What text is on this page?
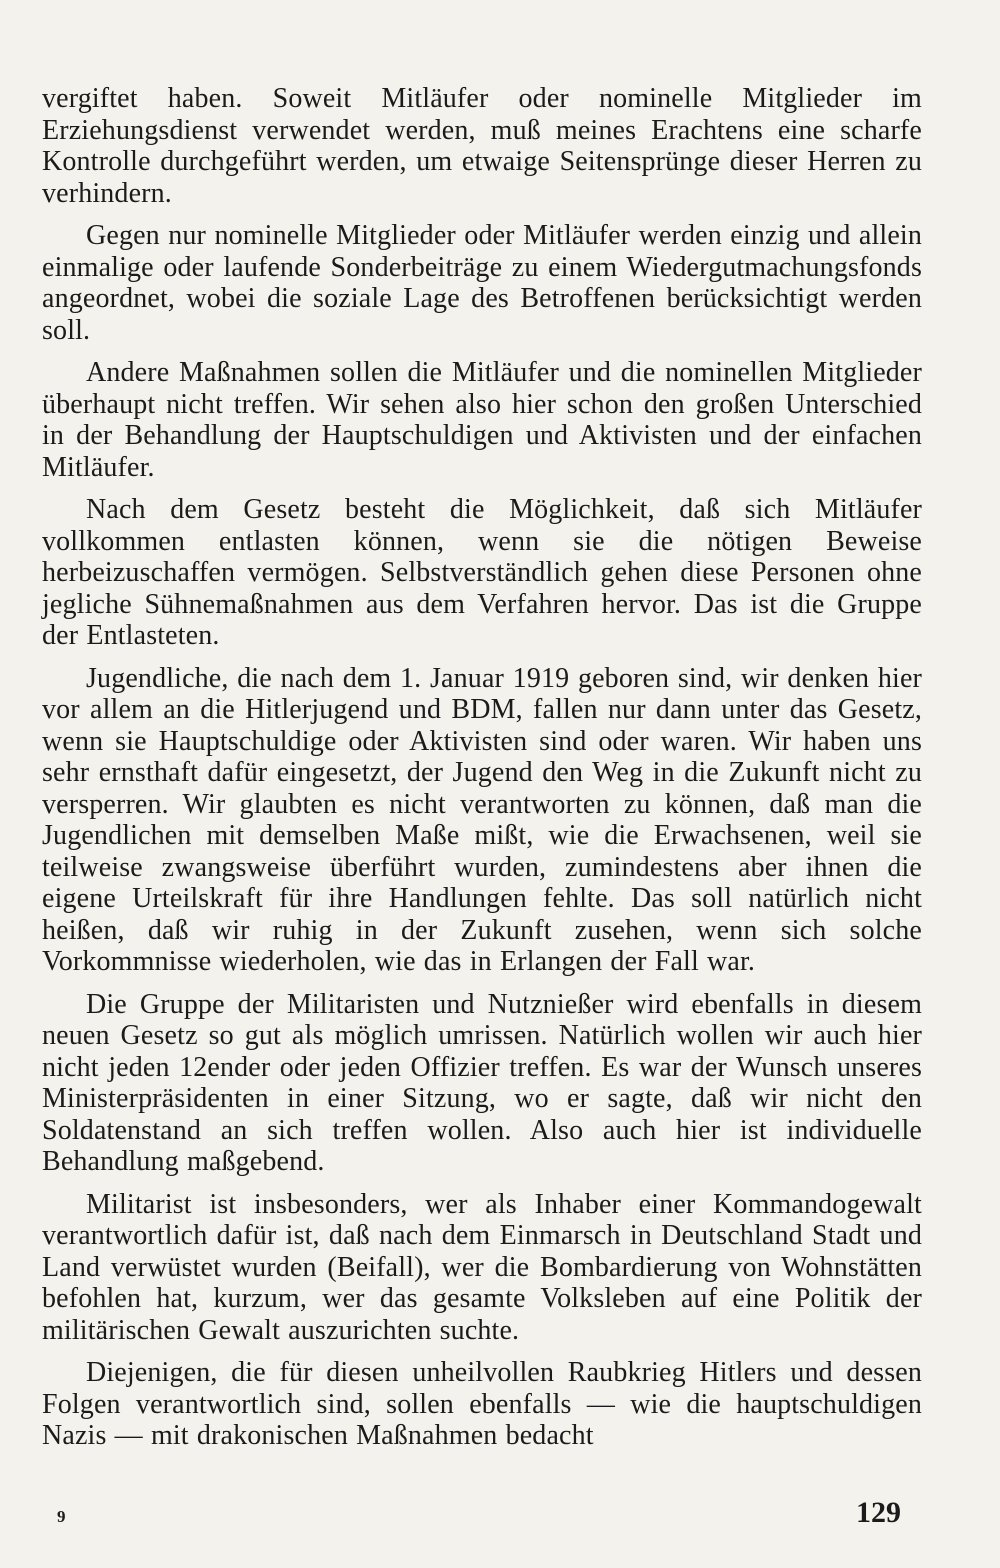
vergiftet haben. Soweit Mitläufer oder nominelle Mitglieder im Erziehungsdienst verwendet werden, muß meines Erachtens eine scharfe Kontrolle durchgeführt werden, um etwaige Seitensprünge dieser Herren zu verhindern.

Gegen nur nominelle Mitglieder oder Mitläufer werden einzig und allein einmalige oder laufende Sonderbeiträge zu einem Wiedergutmachungsfonds angeordnet, wobei die soziale Lage des Betroffenen berücksichtigt werden soll.

Andere Maßnahmen sollen die Mitläufer und die nominellen Mitglieder überhaupt nicht treffen. Wir sehen also hier schon den großen Unterschied in der Behandlung der Hauptschuldigen und Aktivisten und der einfachen Mitläufer.

Nach dem Gesetz besteht die Möglichkeit, daß sich Mitläufer vollkommen entlasten können, wenn sie die nötigen Beweise herbeizuschaffen vermögen. Selbstverständlich gehen diese Personen ohne jegliche Sühnemaßnahmen aus dem Verfahren hervor. Das ist die Gruppe der Entlasteten.

Jugendliche, die nach dem 1. Januar 1919 geboren sind, wir denken hier vor allem an die Hitlerjugend und BDM, fallen nur dann unter das Gesetz, wenn sie Hauptschuldige oder Aktivisten sind oder waren. Wir haben uns sehr ernsthaft dafür eingesetzt, der Jugend den Weg in die Zukunft nicht zu versperren. Wir glaubten es nicht verantworten zu können, daß man die Jugendlichen mit demselben Maße mißt, wie die Erwachsenen, weil sie teilweise zwangsweise überführt wurden, zumindestens aber ihnen die eigene Urteilskraft für ihre Handlungen fehlte. Das soll natürlich nicht heißen, daß wir ruhig in der Zukunft zusehen, wenn sich solche Vorkommnisse wiederholen, wie das in Erlangen der Fall war.

Die Gruppe der Militaristen und Nutznießer wird ebenfalls in diesem neuen Gesetz so gut als möglich umrissen. Natürlich wollen wir auch hier nicht jeden 12ender oder jeden Offizier treffen. Es war der Wunsch unseres Ministerpräsidenten in einer Sitzung, wo er sagte, daß wir nicht den Soldatenstand an sich treffen wollen. Also auch hier ist individuelle Behandlung maßgebend.

Militarist ist insbesonders, wer als Inhaber einer Kommandogewalt verantwortlich dafür ist, daß nach dem Einmarsch in Deutschland Stadt und Land verwüstet wurden (Beifall), wer die Bombardierung von Wohnstätten befohlen hat, kurzum, wer das gesamte Volksleben auf eine Politik der militärischen Gewalt auszurichten suchte.

Diejenigen, die für diesen unheilvollen Raubkrieg Hitlers und dessen Folgen verantwortlich sind, sollen ebenfalls — wie die hauptschuldigen Nazis — mit drakonischen Maßnahmen bedacht

9	129
